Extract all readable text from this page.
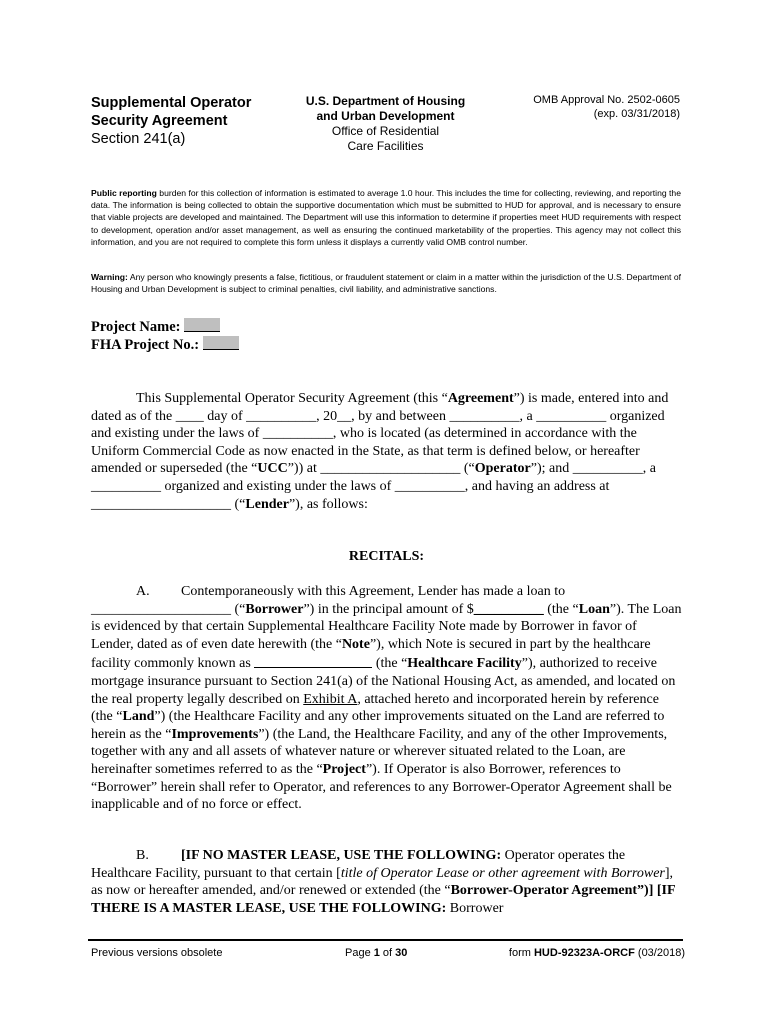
Supplemental Operator
Security Agreement
Section 241(a)
U.S. Department of Housing
and Urban Development
Office of Residential
Care Facilities
OMB Approval No. 2502-0605
(exp. 03/31/2018)
Public reporting burden for this collection of information is estimated to average 1.0 hour. This includes the time for collecting, reviewing, and reporting the data. The information is being collected to obtain the supportive documentation which must be submitted to HUD for approval, and is necessary to ensure that viable projects are developed and maintained. The Department will use this information to determine if properties meet HUD requirements with respect to development, operation and/or asset management, as well as ensuring the continued marketability of the properties. This agency may not collect this information, and you are not required to complete this form unless it displays a currently valid OMB control number.
Warning: Any person who knowingly presents a false, fictitious, or fraudulent statement or claim in a matter within the jurisdiction of the U.S. Department of Housing and Urban Development is subject to criminal penalties, civil liability, and administrative sanctions.
Project Name:
FHA Project No.:
This Supplemental Operator Security Agreement (this “Agreement”) is made, entered into and dated as of the ____ day of __________, 20__, by and between __________, a __________ organized and existing under the laws of __________, who is located (as determined in accordance with the Uniform Commercial Code as now enacted in the State, as that term is defined below, or hereafter amended or superseded (the “UCC”)) at ____________________ (“Operator”); and __________, a __________ organized and existing under the laws of __________, and having an address at ____________________ (“Lender”), as follows:
RECITALS:
A. Contemporaneously with this Agreement, Lender has made a loan to ____________________ (“Borrower”) in the principal amount of $__________ (the “Loan”). The Loan is evidenced by that certain Supplemental Healthcare Facility Note made by Borrower in favor of Lender, dated as of even date herewith (the “Note”), which Note is secured in part by the healthcare facility commonly known as	(the “Healthcare Facility”), authorized to receive mortgage insurance pursuant to Section 241(a) of the National Housing Act, as amended, and located on the real property legally described on Exhibit A, attached hereto and incorporated herein by reference (the “Land”) (the Healthcare Facility and any other improvements situated on the Land are referred to herein as the “Improvements”) (the Land, the Healthcare Facility, and any of the other Improvements, together with any and all assets of whatever nature or wherever situated related to the Loan, are hereinafter sometimes referred to as the “Project”). If Operator is also Borrower, references to “Borrower” herein shall refer to Operator, and references to any Borrower-Operator Agreement shall be inapplicable and of no force or effect.
B. [IF NO MASTER LEASE, USE THE FOLLOWING: Operator operates the Healthcare Facility, pursuant to that certain [title of Operator Lease or other agreement with Borrower], as now or hereafter amended, and/or renewed or extended (the “Borrower-Operator Agreement”)] [IF THERE IS A MASTER LEASE, USE THE FOLLOWING: Borrower
Previous versions obsolete	Page 1 of 30	form HUD-92323A-ORCF (03/2018)
